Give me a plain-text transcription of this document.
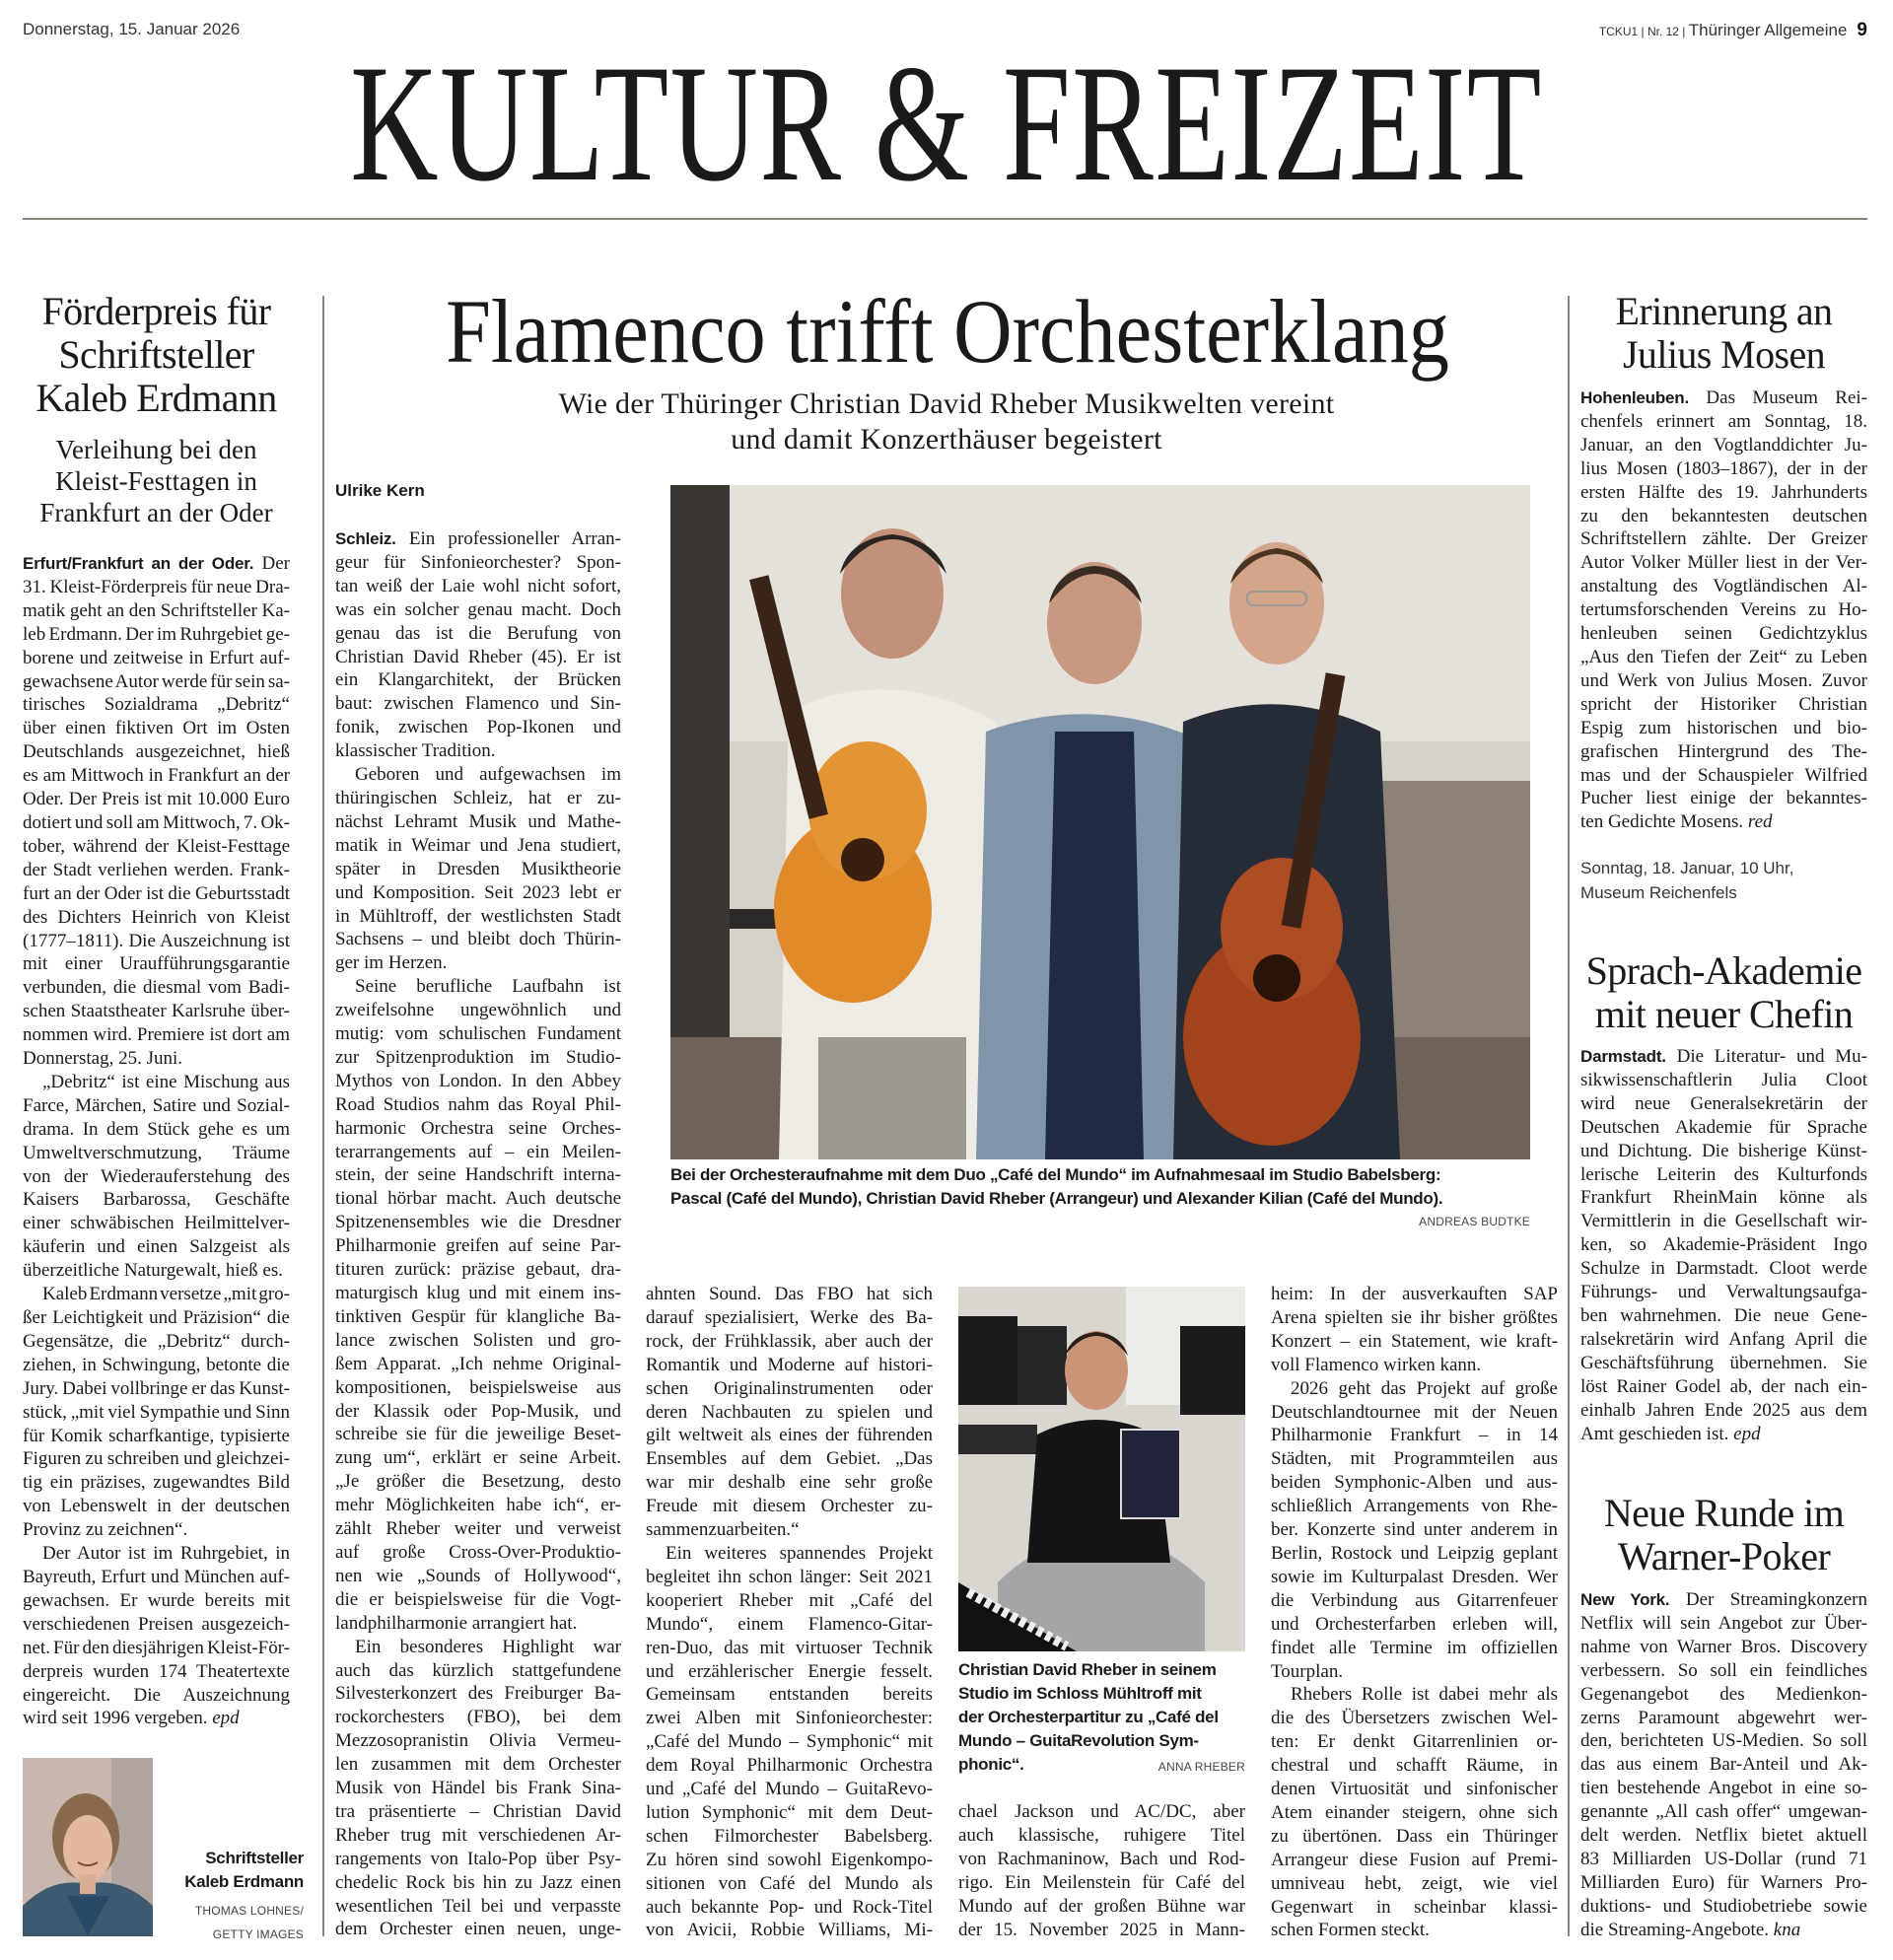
Donnerstag, 15. Januar 2026	TCKU1 | Nr. 12 | Thüringer Allgemeine 9
KULTUR & FREIZEIT
Förderpreis für
Schriftsteller
Kaleb Erdmann
Verleihung bei den
Kleist-Festtagen in
Frankfurt an der Oder
Erfurt/Frankfurt an der Oder. Der
31. Kleist-Förderpreis für neue Dra-
matik geht an den Schriftsteller Ka-
leb Erdmann. Der im Ruhrgebiet ge-
borene und zeitweise in Erfurt auf-
gewachsene Autor werde für sein sa-
tirisches Sozialdrama „Debritz“
über einen fiktiven Ort im Osten
Deutschlands ausgezeichnet, hieß
es am Mittwoch in Frankfurt an der
Oder. Der Preis ist mit 10.000 Euro
dotiert und soll am Mittwoch, 7. Ok-
tober, während der Kleist-Festtage
der Stadt verliehen werden. Frank-
furt an der Oder ist die Geburtsstadt
des Dichters Heinrich von Kleist
(1777–1811). Die Auszeichnung ist
mit einer Uraufführungsgarantie
verbunden, die diesmal vom Badi-
schen Staatstheater Karlsruhe über-
nommen wird. Premiere ist dort am
Donnerstag, 25. Juni.
„Debritz“ ist eine Mischung aus
Farce, Märchen, Satire und Sozial-
drama. In dem Stück gehe es um
Umweltverschmutzung, Träume
von der Wiederauferstehung des
Kaisers Barbarossa, Geschäfte
einer schwäbischen Heilmittelver-
käuferin und einen Salzgeist als
überzeitliche Naturgewalt, hieß es.
Kaleb Erdmann versetze „mit gro-
ßer Leichtigkeit und Präzision“ die
Gegensätze, die „Debritz“ durch-
ziehen, in Schwingung, betonte die
Jury. Dabei vollbringe er das Kunst-
stück, „mit viel Sympathie und Sinn
für Komik scharfkantige, typisierte
Figuren zu schreiben und gleichzei-
tig ein präzises, zugewandtes Bild
von Lebenswelt in der deutschen
Provinz zu zeichnen“.
Der Autor ist im Ruhrgebiet, in
Bayreuth, Erfurt und München auf-
gewachsen. Er wurde bereits mit
verschiedenen Preisen ausgezeich-
net. Für den diesjährigen Kleist-För-
derpreis wurden 174 Theatertexte
eingereicht. Die Auszeichnung
wird seit 1996 vergeben. epd
Schriftsteller
Kaleb Erdmann
THOMAS LOHNES/
GETTY IMAGES
Flamenco trifft Orchesterklang
Wie der Thüringer Christian David Rheber Musikwelten vereint
und damit Konzerthäuser begeistert
Ulrike Kern
Schleiz. Ein professioneller Arran-
geur für Sinfonieorchester? Spon-
tan weiß der Laie wohl nicht sofort,
was ein solcher genau macht. Doch
genau das ist die Berufung von
Christian David Rheber (45). Er ist
ein Klangarchitekt, der Brücken
baut: zwischen Flamenco und Sin-
fonik, zwischen Pop-Ikonen und
klassischer Tradition.
Geboren und aufgewachsen im
thüringischen Schleiz, hat er zu-
nächst Lehramt Musik und Mathe-
matik in Weimar und Jena studiert,
später in Dresden Musiktheorie
und Komposition. Seit 2023 lebt er
in Mühltroff, der westlichsten Stadt
Sachsens – und bleibt doch Thürin-
ger im Herzen.
Seine berufliche Laufbahn ist
zweifelsohne ungewöhnlich und
mutig: vom schulischen Fundament
zur Spitzenproduktion im Studio-
Mythos von London. In den Abbey
Road Studios nahm das Royal Phil-
harmonic Orchestra seine Orches-
terarrangements auf – ein Meilen-
stein, der seine Handschrift interna-
tional hörbar macht. Auch deutsche
Spitzenensembles wie die Dresdner
Philharmonie greifen auf seine Par-
tituren zurück: präzise gebaut, dra-
maturgisch klug und mit einem ins-
tinktiven Gespür für klangliche Ba-
lance zwischen Solisten und gro-
ßem Apparat. „Ich nehme Original-
kompositionen, beispielsweise aus
der Klassik oder Pop-Musik, und
schreibe sie für die jeweilige Beset-
zung um“, erklärt er seine Arbeit.
„Je größer die Besetzung, desto
mehr Möglichkeiten habe ich“, er-
zählt Rheber weiter und verweist
auf große Cross-Over-Produktio-
nen wie „Sounds of Hollywood“,
die er beispielsweise für die Vogt-
landphilharmonie arrangiert hat.
Ein besonderes Highlight war
auch das kürzlich stattgefundene
Silvesterkonzert des Freiburger Ba-
rockorchesters (FBO), bei dem
Mezzosopranistin Olivia Vermeu-
len zusammen mit dem Orchester
Musik von Händel bis Frank Sina-
tra präsentierte – Christian David
Rheber trug mit verschiedenen Ar-
rangements von Italo-Pop über Psy-
chedelic Rock bis hin zu Jazz einen
wesentlichen Teil bei und verpasste
dem Orchester einen neuen, unge-
ahnten Sound. Das FBO hat sich
darauf spezialisiert, Werke des Ba-
rock, der Frühklassik, aber auch der
Romantik und Moderne auf histori-
schen Originalinstrumenten oder
deren Nachbauten zu spielen und
gilt weltweit als eines der führenden
Ensembles auf dem Gebiet. „Das
war mir deshalb eine sehr große
Freude mit diesem Orchester zu-
sammenzuarbeiten.“
Ein weiteres spannendes Projekt
begleitet ihn schon länger: Seit 2021
kooperiert Rheber mit „Café del
Mundo“, einem Flamenco-Gitar-
ren-Duo, das mit virtuoser Technik
und erzählerischer Energie fesselt.
Gemeinsam entstanden bereits
zwei Alben mit Sinfonieorchester:
„Café del Mundo – Symphonic“ mit
dem Royal Philharmonic Orchestra
und „Café del Mundo – GuitaRevo-
lution Symphonic“ mit dem Deut-
schen Filmorchester Babelsberg.
Zu hören sind sowohl Eigenkompo-
sitionen von Café del Mundo als
auch bekannte Pop- und Rock-Titel
von Avicii, Robbie Williams, Mi-
chael Jackson und AC/DC, aber
auch klassische, ruhigere Titel
von Rachmaninow, Bach und Rod-
rigo. Ein Meilenstein für Café del
Mundo auf der großen Bühne war
der 15. November 2025 in Mann-
heim: In der ausverkauften SAP
Arena spielten sie ihr bisher größtes
Konzert – ein Statement, wie kraft-
voll Flamenco wirken kann.
2026 geht das Projekt auf große
Deutschlandtournee mit der Neuen
Philharmonie Frankfurt – in 14
Städten, mit Programmteilen aus
beiden Symphonic-Alben und aus-
schließlich Arrangements von Rhe-
ber. Konzerte sind unter anderem in
Berlin, Rostock und Leipzig geplant
sowie im Kulturpalast Dresden. Wer
die Verbindung aus Gitarrenfeuer
und Orchesterfarben erleben will,
findet alle Termine im offiziellen
Tourplan.
Rhebers Rolle ist dabei mehr als
die des Übersetzers zwischen Wel-
ten: Er denkt Gitarrenlinien or-
chestral und schafft Räume, in
denen Virtuosität und sinfonischer
Atem einander steigern, ohne sich
zu übertönen. Dass ein Thüringer
Arrangeur diese Fusion auf Premi-
umniveau hebt, zeigt, wie viel
Gegenwart in scheinbar klassi-
schen Formen steckt.
Bei der Orchesteraufnahme mit dem Duo „Café del Mundo“ im Aufnahmesaal im Studio Babelsberg:
Pascal (Café del Mundo), Christian David Rheber (Arrangeur) und Alexander Kilian (Café del Mundo).
ANDREAS BUDTKE
Christian David Rheber in seinem
Studio im Schloss Mühltroff mit
der Orchesterpartitur zu „Café del
Mundo – GuitaRevolution Sym-
phonic“.	ANNA RHEBER
Erinnerung an
Julius Mosen
Hohenleuben. Das Museum Rei-
chenfels erinnert am Sonntag, 18.
Januar, an den Vogtlanddichter Ju-
lius Mosen (1803–1867), der in der
ersten Hälfte des 19. Jahrhunderts
zu den bekanntesten deutschen
Schriftstellern zählte. Der Greizer
Autor Volker Müller liest in der Ver-
anstaltung des Vogtländischen Al-
tertumsforschenden Vereins zu Ho-
henleuben seinen Gedichtzyklus
„Aus den Tiefen der Zeit“ zu Leben
und Werk von Julius Mosen. Zuvor
spricht der Historiker Christian
Espig zum historischen und bio-
grafischen Hintergrund des The-
mas und der Schauspieler Wilfried
Pucher liest einige der bekanntes-
ten Gedichte Mosens. red
Sonntag, 18. Januar, 10 Uhr,
Museum Reichenfels
Sprach-Akademie
mit neuer Chefin
Darmstadt. Die Literatur- und Mu-
sikwissenschaftlerin Julia Cloot
wird neue Generalsekretärin der
Deutschen Akademie für Sprache
und Dichtung. Die bisherige Künst-
lerische Leiterin des Kulturfonds
Frankfurt RheinMain könne als
Vermittlerin in die Gesellschaft wir-
ken, so Akademie-Präsident Ingo
Schulze in Darmstadt. Cloot werde
Führungs- und Verwaltungsaufga-
ben wahrnehmen. Die neue Gene-
ralsekretärin wird Anfang April die
Geschäftsführung übernehmen. Sie
löst Rainer Godel ab, der nach ein-
einhalb Jahren Ende 2025 aus dem
Amt geschieden ist. epd
Neue Runde im
Warner-Poker
New York. Der Streamingkonzern
Netflix will sein Angebot zur Über-
nahme von Warner Bros. Discovery
verbessern. So soll ein feindliches
Gegenangebot des Medienkon-
zerns Paramount abgewehrt wer-
den, berichteten US-Medien. So soll
das aus einem Bar-Anteil und Ak-
tien bestehende Angebot in eine so-
genannte „All cash offer“ umgewan-
delt werden. Netflix bietet aktuell
83 Milliarden US-Dollar (rund 71
Milliarden Euro) für Warners Pro-
duktions- und Studiobetriebe sowie
die Streaming-Angebote. kna
